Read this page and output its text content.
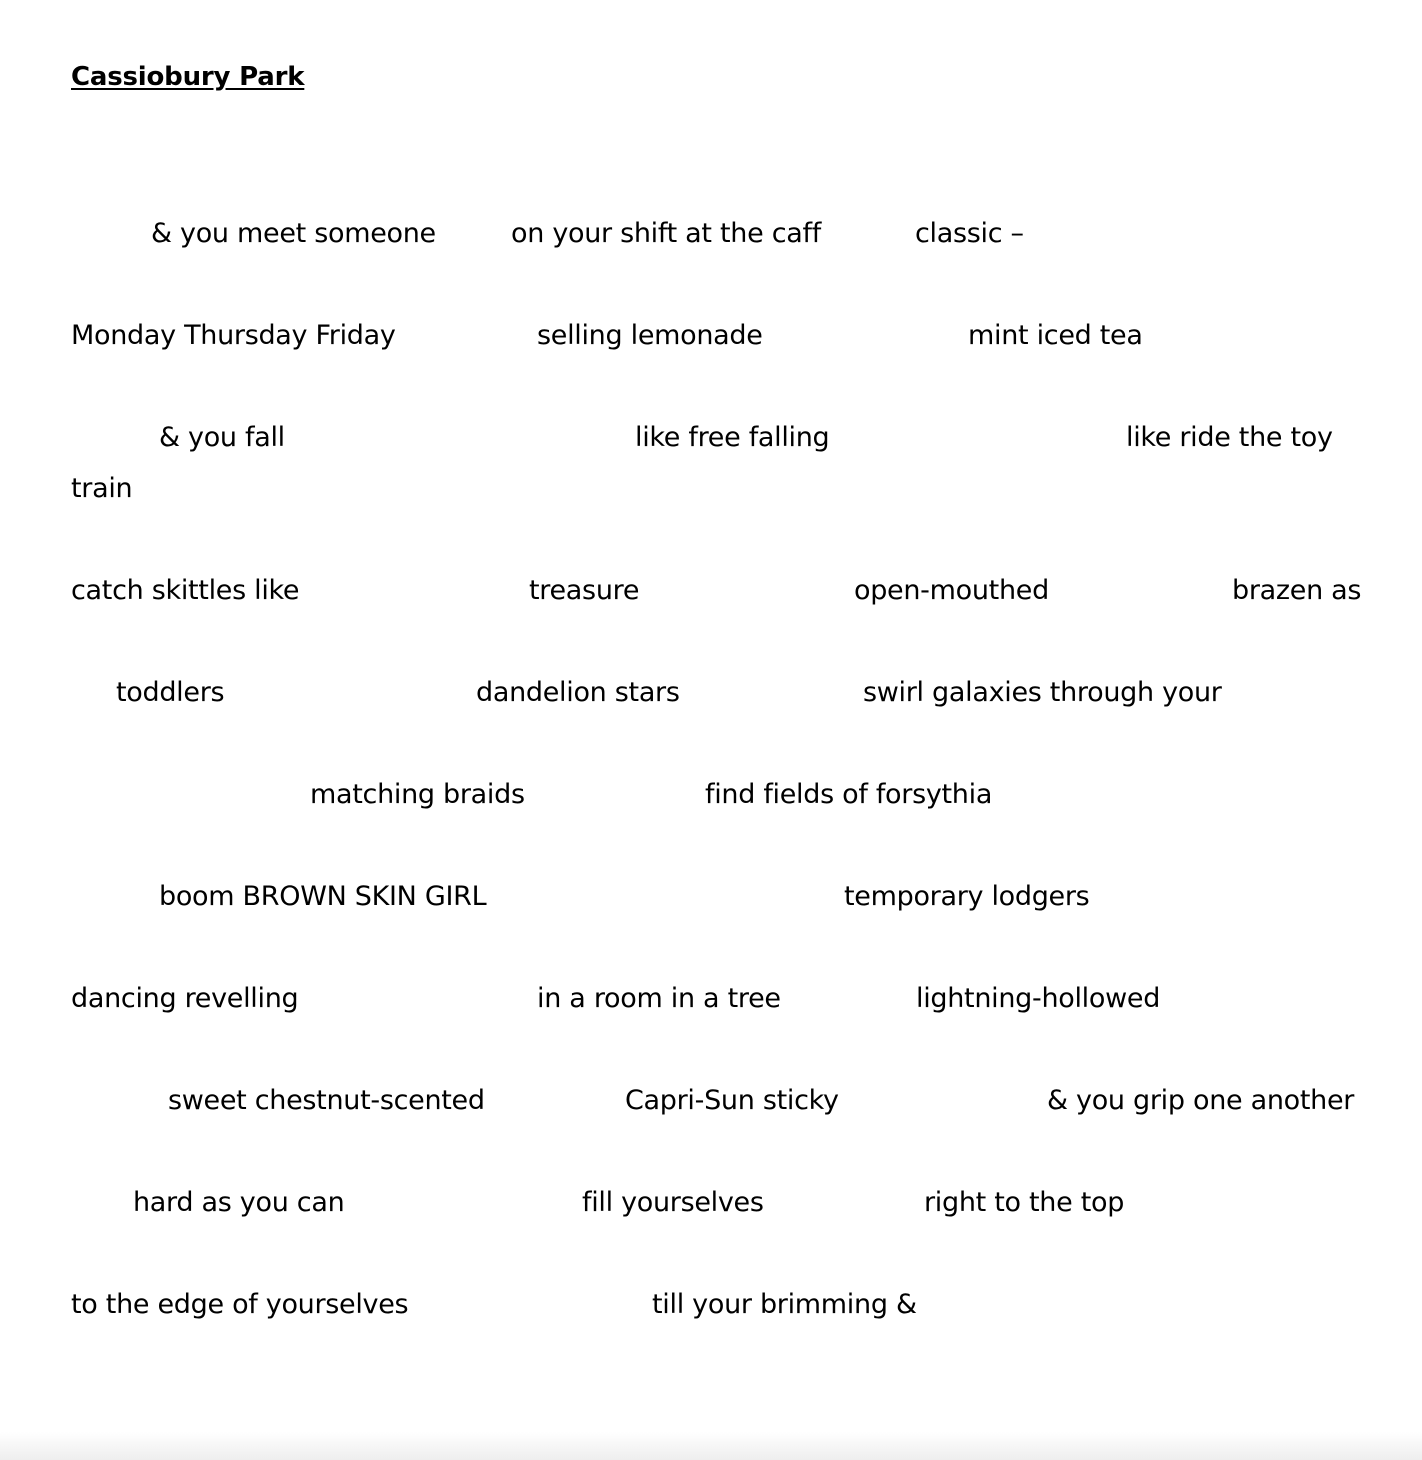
Cassiobury Park
& you meet someone	on your shift at the caff	classic –
Monday Thursday Friday	selling lemonade	mint iced tea
& you fall	like free falling	like ride the toy
train
catch skittles like	treasure	open-mouthed	brazen as
toddlers	dandelion stars	swirl galaxies through your
matching braids	find fields of forsythia
boom BROWN SKIN GIRL	temporary lodgers
dancing revelling	in a room in a tree	lightning-hollowed
sweet chestnut-scented	Capri-Sun sticky	& you grip one another
hard as you can	fill yourselves	right to the top
to the edge of yourselves	till your brimming &
